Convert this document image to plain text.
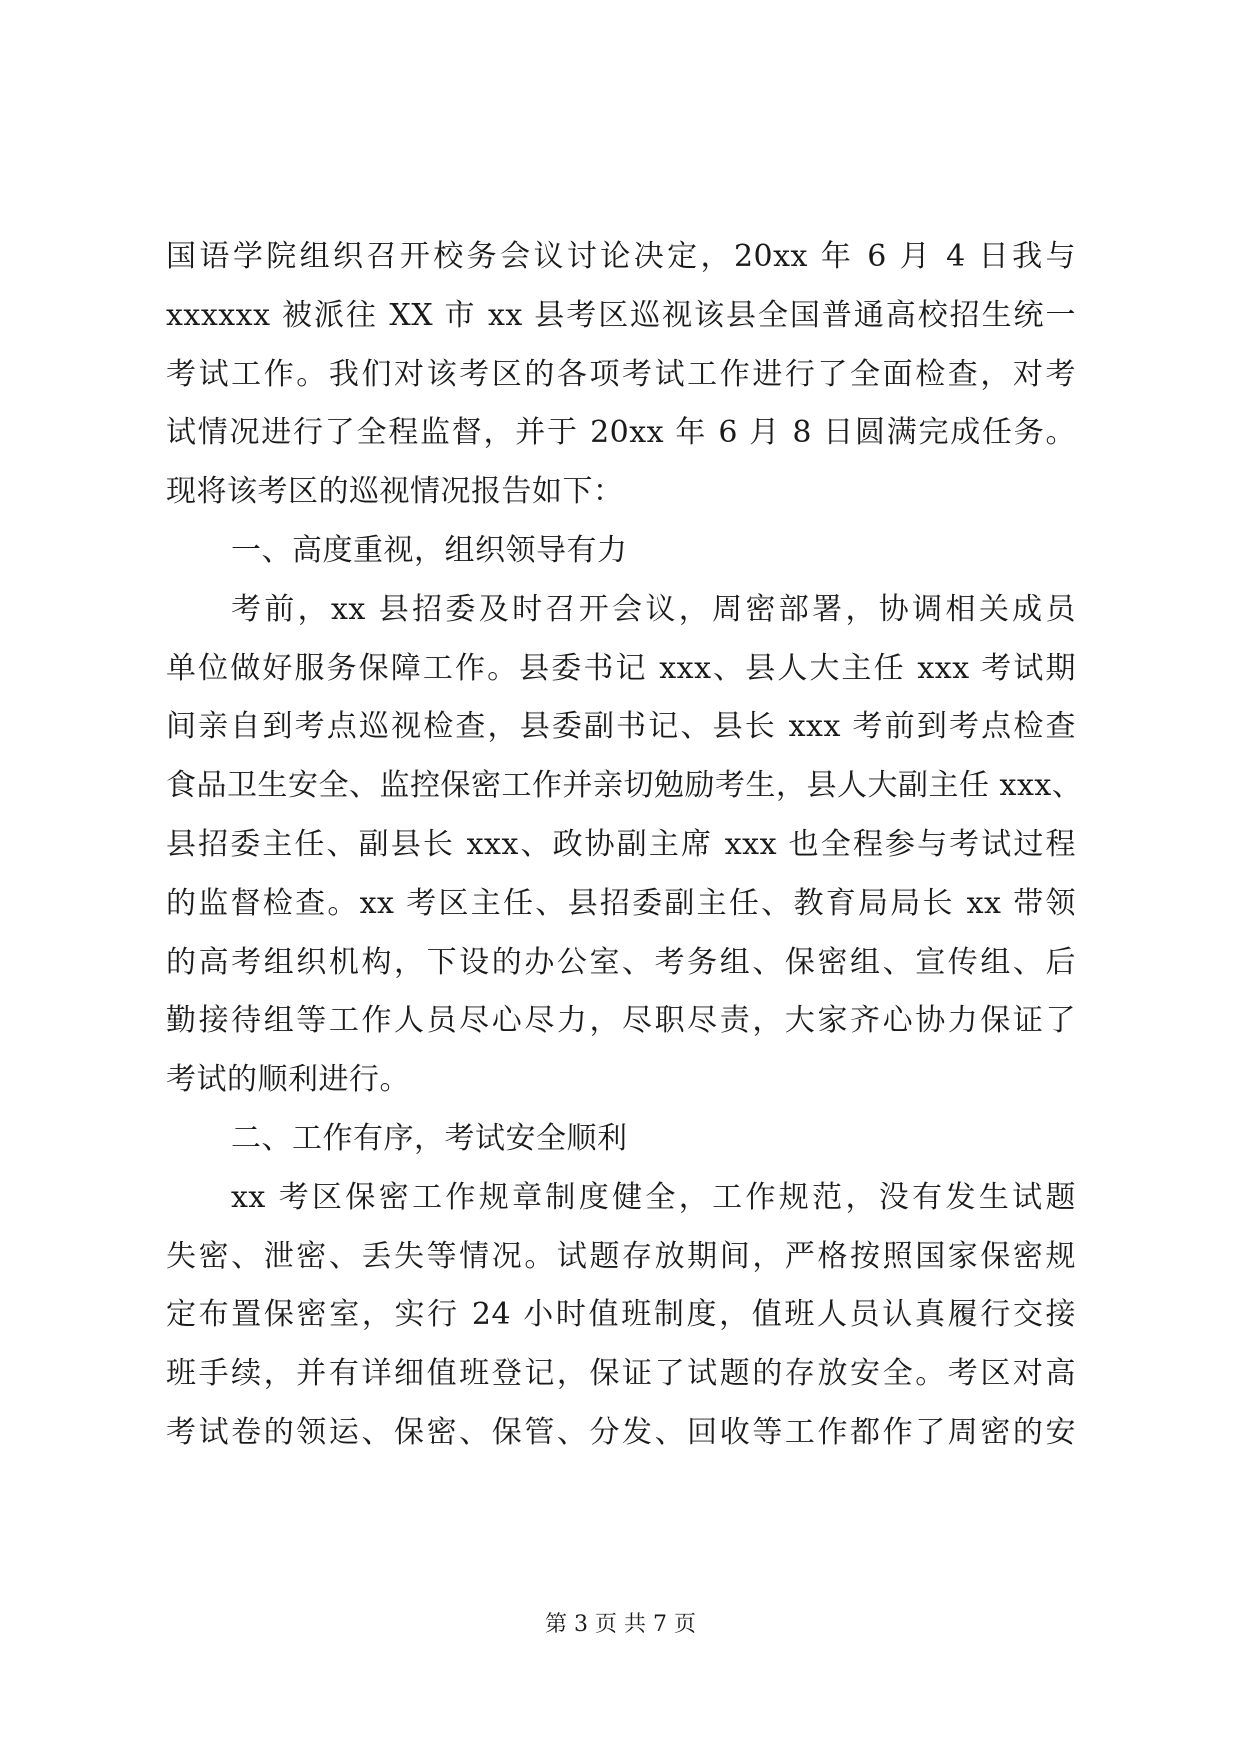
国语学院组织召开校务会议讨论决定，20xx 年 6 月 4 日我与
xxxxxx 被派往 XX 市 xx 县考区巡视该县全国普通高校招生统一
考试工作。我们对该考区的各项考试工作进行了全面检查，对考
试情况进行了全程监督，并于 20xx 年 6 月 8 日圆满完成任务。
现将该考区的巡视情况报告如下：
一、高度重视，组织领导有力
考前，xx 县招委及时召开会议，周密部署，协调相关成员
单位做好服务保障工作。县委书记 xxx、县人大主任 xxx 考试期
间亲自到考点巡视检查，县委副书记、县长 xxx 考前到考点检查
食品卫生安全、监控保密工作并亲切勉励考生，县人大副主任 xxx、
县招委主任、副县长 xxx、政协副主席 xxx 也全程参与考试过程
的监督检查。xx 考区主任、县招委副主任、教育局局长 xx 带领
的高考组织机构，下设的办公室、考务组、保密组、宣传组、后
勤接待组等工作人员尽心尽力，尽职尽责，大家齐心协力保证了
考试的顺利进行。
二、工作有序，考试安全顺利
xx 考区保密工作规章制度健全，工作规范，没有发生试题
失密、泄密、丢失等情况。试题存放期间，严格按照国家保密规
定布置保密室，实行 24 小时值班制度，值班人员认真履行交接
班手续，并有详细值班登记，保证了试题的存放安全。考区对高
考试卷的领运、保密、保管、分发、回收等工作都作了周密的安
第 3 页 共 7 页
